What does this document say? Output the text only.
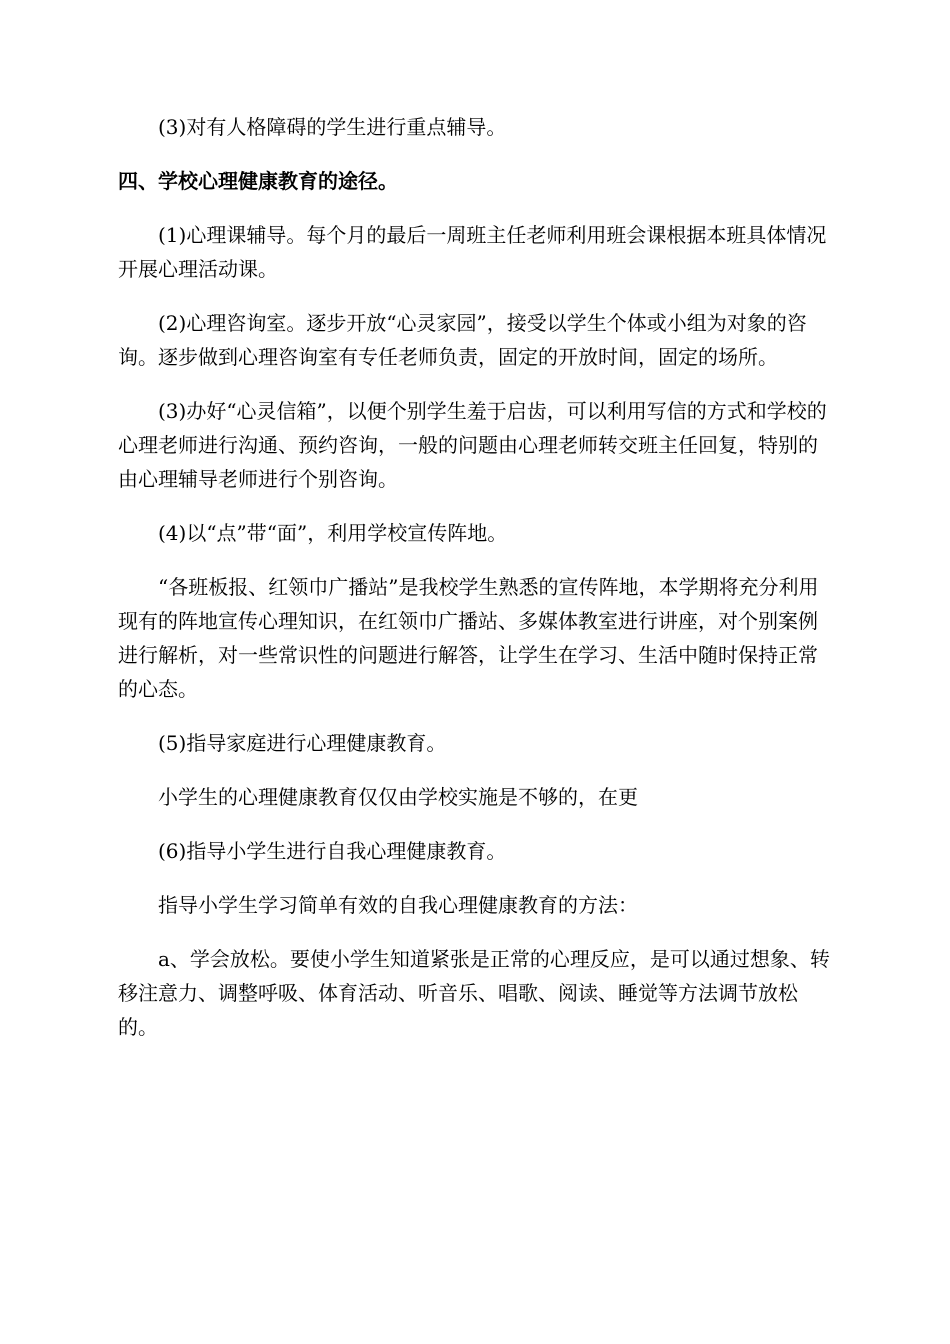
(3)对有人格障碍的学生进行重点辅导。

四、学校心理健康教育的途径。

(1)心理课辅导。每个月的最后一周班主任老师利用班会课根据本班具体情况开展心理活动课。

(2)心理咨询室。逐步开放“心灵家园”，接受以学生个体或小组为对象的咨询。逐步做到心理咨询室有专任老师负责，固定的开放时间，固定的场所。

(3)办好“心灵信箱”，以便个别学生羞于启齿，可以利用写信的方式和学校的心理老师进行沟通、预约咨询，一般的问题由心理老师转交班主任回复，特别的由心理辅导老师进行个别咨询。

(4)以“点”带“面”，利用学校宣传阵地。

“各班板报、红领巾广播站”是我校学生熟悉的宣传阵地，本学期将充分利用现有的阵地宣传心理知识，在红领巾广播站、多媒体教室进行讲座，对个别案例进行解析，对一些常识性的问题进行解答，让学生在学习、生活中随时保持正常的心态。

(5)指导家庭进行心理健康教育。

小学生的心理健康教育仅仅由学校实施是不够的，在更

(6)指导小学生进行自我心理健康教育。

指导小学生学习简单有效的自我心理健康教育的方法：

a、学会放松。要使小学生知道紧张是正常的心理反应，是可以通过想象、转移注意力、调整呼吸、体育活动、听音乐、唱歌、阅读、睡觉等方法调节放松的。
